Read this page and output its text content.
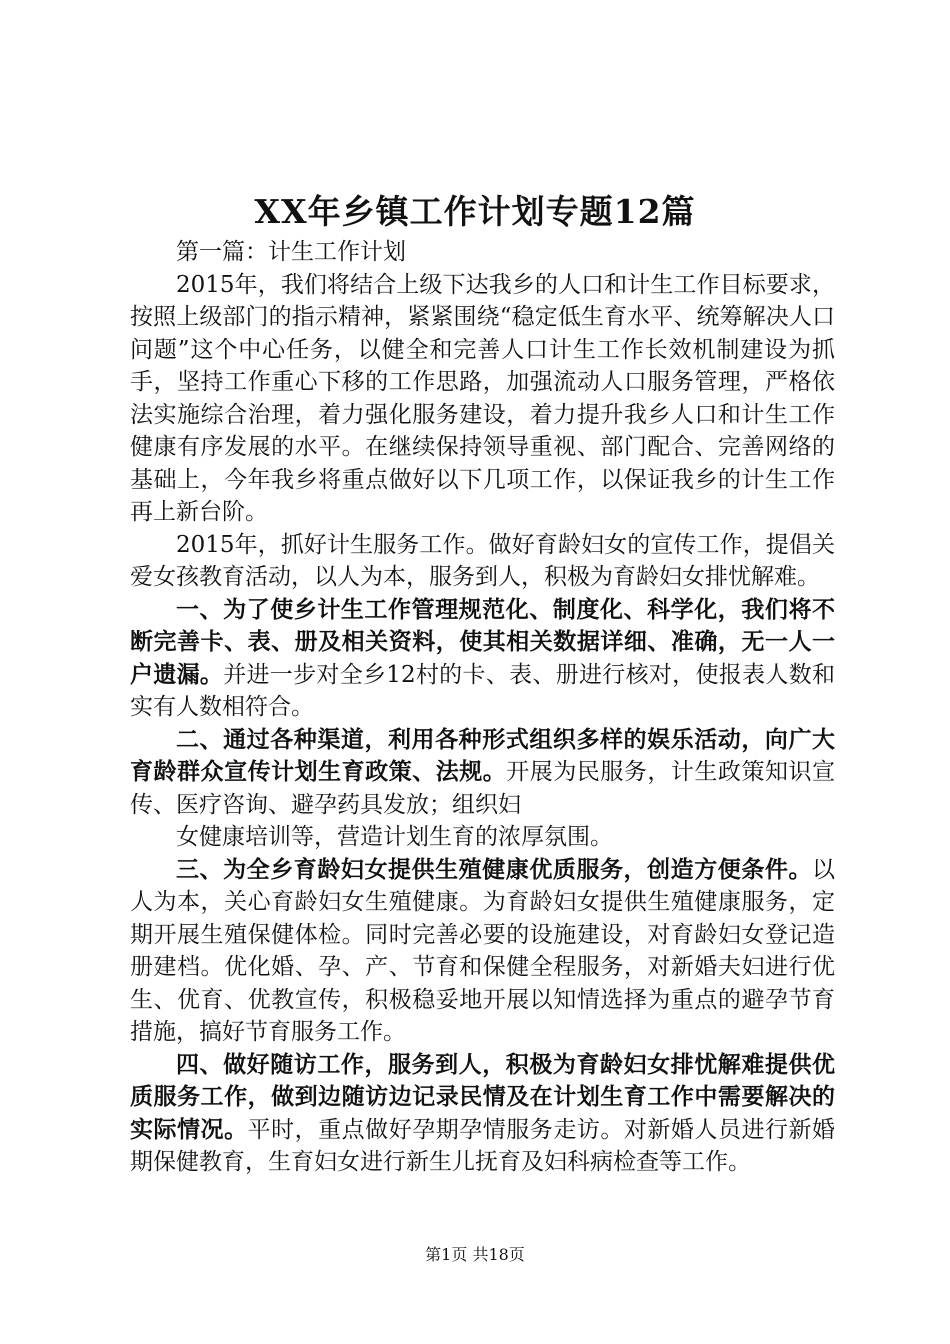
XX年乡镇工作计划专题12篇

第一篇：计生工作计划

2015年，我们将结合上级下达我乡的人口和计生工作目标要求，按照上级部门的指示精神，紧紧围绕“稳定低生育水平、统筹解决人口问题”这个中心任务，以健全和完善人口计生工作长效机制建设为抓手，坚持工作重心下移的工作思路，加强流动人口服务管理，严格依法实施综合治理，着力强化服务建设，着力提升我乡人口和计生工作健康有序发展的水平。在继续保持领导重视、部门配合、完善网络的基础上，今年我乡将重点做好以下几项工作，以保证我乡的计生工作再上新台阶。

2015年，抓好计生服务工作。做好育龄妇女的宣传工作，提倡关爱女孩教育活动，以人为本，服务到人，积极为育龄妇女排忧解难。

一、为了使乡计生工作管理规范化、制度化、科学化，我们将不断完善卡、表、册及相关资料，使其相关数据详细、准确，无一人一户遗漏。并进一步对全乡12村的卡、表、册进行核对，使报表人数和实有人数相符合。

二、通过各种渠道，利用各种形式组织多样的娱乐活动，向广大育龄群众宣传计划生育政策、法规。开展为民服务，计生政策知识宣传、医疗咨询、避孕药具发放；组织妇

女健康培训等，营造计划生育的浓厚氛围。

三、为全乡育龄妇女提供生殖健康优质服务，创造方便条件。以人为本，关心育龄妇女生殖健康。为育龄妇女提供生殖健康服务，定期开展生殖保健体检。同时完善必要的设施建设，对育龄妇女登记造册建档。优化婚、孕、产、节育和保健全程服务，对新婚夫妇进行优生、优育、优教宣传，积极稳妥地开展以知情选择为重点的避孕节育措施，搞好节育服务工作。

四、做好随访工作，服务到人，积极为育龄妇女排忧解难提供优质服务工作，做到边随访边记录民情及在计划生育工作中需要解决的实际情况。平时，重点做好孕期孕情服务走访。对新婚人员进行新婚期保健教育，生育妇女进行新生儿抚育及妇科病检查等工作。

第1页 共18页
